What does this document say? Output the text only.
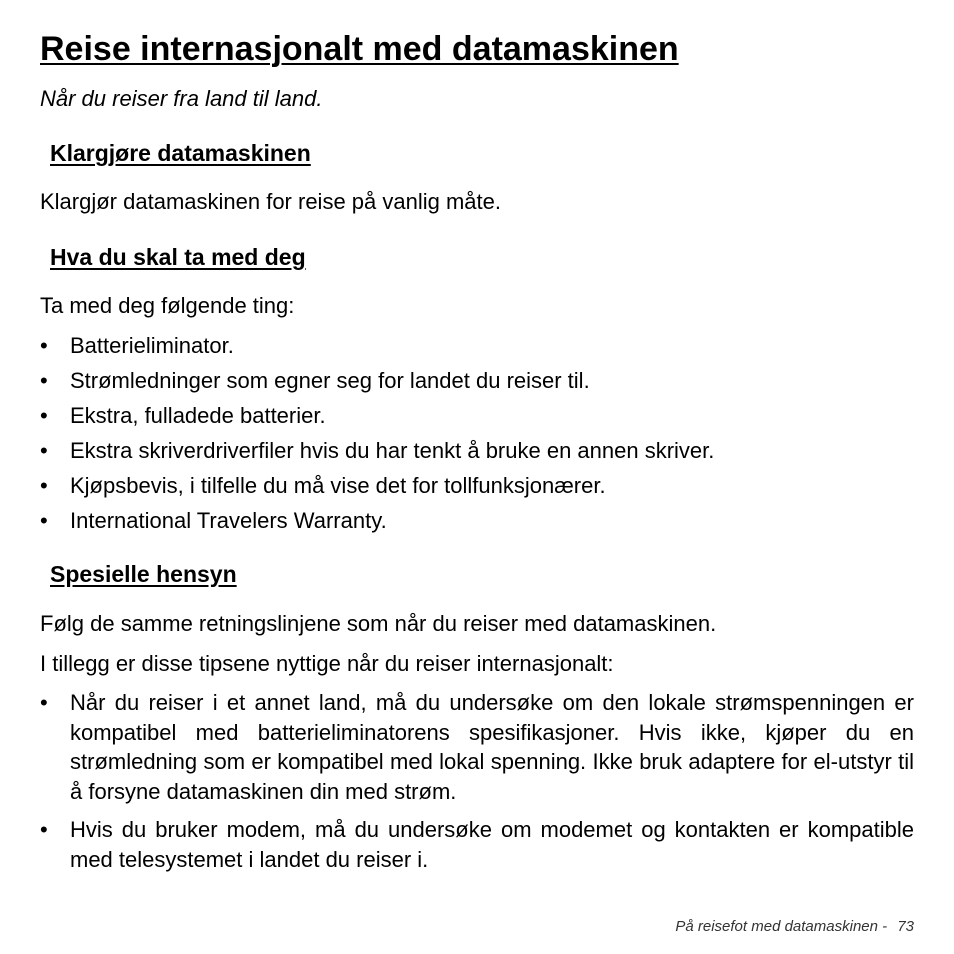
Reise internasjonalt med datamaskinen

Når du reiser fra land til land.

Klargjøre datamaskinen

Klargjør datamaskinen for reise på vanlig måte.

Hva du skal ta med deg

Ta med deg følgende ting:

• Batterieliminator.
• Strømledninger som egner seg for landet du reiser til.
• Ekstra, fulladede batterier.
• Ekstra skriverdriverfiler hvis du har tenkt å bruke en annen skriver.
• Kjøpsbevis, i tilfelle du må vise det for tollfunksjonærer.
• International Travelers Warranty.
Spesielle hensyn

Følg de samme retningslinjene som når du reiser med datamaskinen.

I tillegg er disse tipsene nyttige når du reiser internasjonalt:

• Når du reiser i et annet land, må du undersøke om den lokale strømspenningen er kompatibel med batterieliminatorens spesifikasjoner. Hvis ikke, kjøper du en strømledning som er kompatibel med lokal spenning. Ikke bruk adaptere for el-utstyr til å forsyne datamaskinen din med strøm.
• Hvis du bruker modem, må du undersøke om modemet og kontakten er kompatible med telesystemet i landet du reiser i.
På reisefot med datamaskinen - 73
